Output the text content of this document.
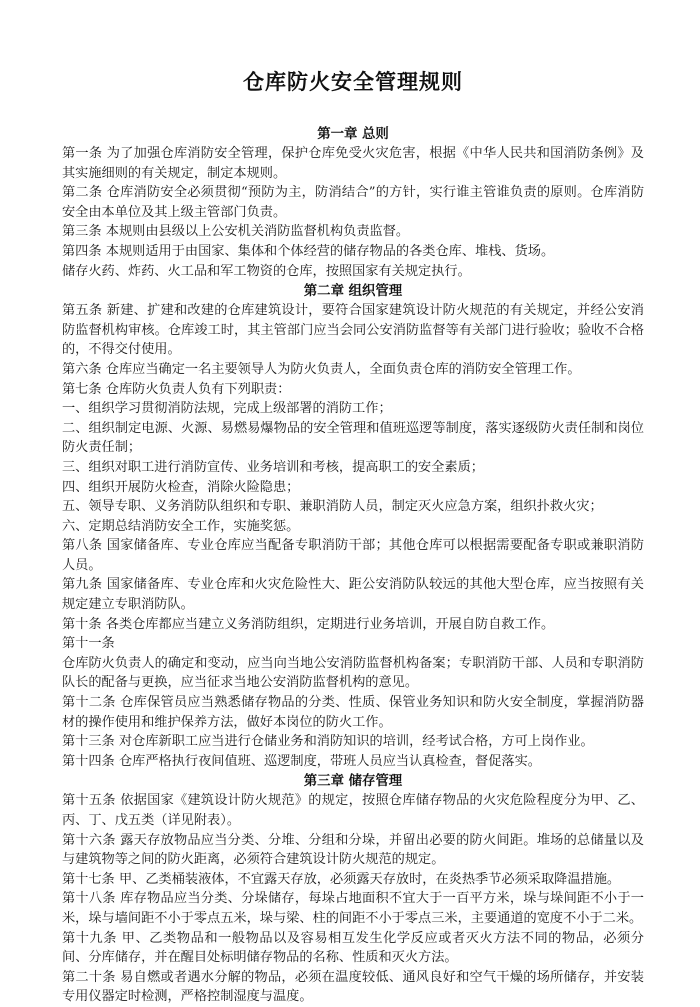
仓库防火安全管理规则
第一章 总则

第一条 为了加强仓库消防安全管理，保护仓库免受火灾危害，根据《中华人民共和国消防条例》及其实施细则的有关规定，制定本规则。

第二条 仓库消防安全必须贯彻“预防为主，防消结合”的方针，实行谁主管谁负责的原则。仓库消防安全由本单位及其上级主管部门负责。

第三条 本规则由县级以上公安机关消防监督机构负责监督。

第四条 本规则适用于由国家、集体和个体经营的储存物品的各类仓库、堆栈、货场。

储存火药、炸药、火工品和军工物资的仓库，按照国家有关规定执行。

第二章 组织管理

第五条 新建、扩建和改建的仓库建筑设计，要符合国家建筑设计防火规范的有关规定，并经公安消防监督机构审核。仓库竣工时，其主管部门应当会同公安消防监督等有关部门进行验收；验收不合格的，不得交付使用。

第六条 仓库应当确定一名主要领导人为防火负责人，全面负责仓库的消防安全管理工作。

第七条 仓库防火负责人负有下列职责：

一、组织学习贯彻消防法规，完成上级部署的消防工作；

二、组织制定电源、火源、易燃易爆物品的安全管理和值班巡逻等制度，落实逐级防火责任制和岗位防火责任制；

三、组织对职工进行消防宣传、业务培训和考核，提高职工的安全素质；

四、组织开展防火检查，消除火险隐患；

五、领导专职、义务消防队组织和专职、兼职消防人员，制定灭火应急方案，组织扑救火灾；

六、定期总结消防安全工作，实施奖惩。

第八条 国家储备库、专业仓库应当配备专职消防干部；其他仓库可以根据需要配备专职或兼职消防人员。

第九条 国家储备库、专业仓库和火灾危险性大、距公安消防队较远的其他大型仓库，应当按照有关规定建立专职消防队。

第十条 各类仓库都应当建立义务消防组织，定期进行业务培训，开展自防自救工作。

第十一条

仓库防火负责人的确定和变动，应当向当地公安消防监督机构备案；专职消防干部、人员和专职消防队长的配备与更换，应当征求当地公安消防监督机构的意见。

第十二条 仓库保管员应当熟悉储存物品的分类、性质、保管业务知识和防火安全制度，掌握消防器材的操作使用和维护保养方法，做好本岗位的防火工作。

第十三条 对仓库新职工应当进行仓储业务和消防知识的培训，经考试合格，方可上岗作业。

第十四条 仓库严格执行夜间值班、巡逻制度，带班人员应当认真检查，督促落实。

第三章 储存管理

第十五条 依据国家《建筑设计防火规范》的规定，按照仓库储存物品的火灾危险程度分为甲、乙、丙、丁、戊五类（详见附表）。

第十六条 露天存放物品应当分类、分堆、分组和分垛，并留出必要的防火间距。堆场的总储量以及与建筑物等之间的防火距离，必须符合建筑设计防火规范的规定。

第十七条 甲、乙类桶装液体，不宜露天存放，必须露天存放时，在炎热季节必须采取降温措施。

第十八条 库存物品应当分类、分垛储存，每垛占地面积不宜大于一百平方米，垛与垛间距不小于一米，垛与墙间距不小于零点五米，垛与梁、柱的间距不小于零点三米，主要通道的宽度不小于二米。

第十九条 甲、乙类物品和一般物品以及容易相互发生化学反应或者灭火方法不同的物品，必须分间、分库储存，并在醒目处标明储存物品的名称、性质和灭火方法。

第二十条 易自燃或者遇水分解的物品，必须在温度较低、通风良好和空气干燥的场所储存，并安装专用仪器定时检测，严格控制湿度与温度。
